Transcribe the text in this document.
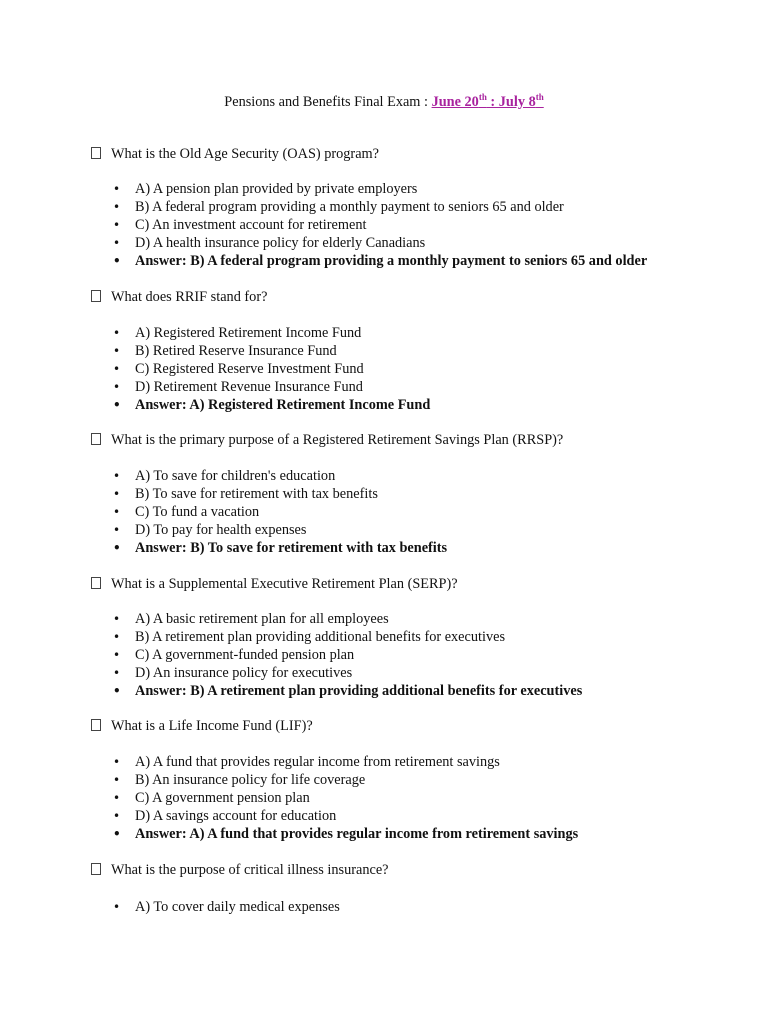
Pensions and Benefits Final Exam : June 20th : July 8th
What is the Old Age Security (OAS) program?
• A) A pension plan provided by private employers
• B) A federal program providing a monthly payment to seniors 65 and older
• C) An investment account for retirement
• D) A health insurance policy for elderly Canadians
• Answer: B) A federal program providing a monthly payment to seniors 65 and older
What does RRIF stand for?
• A) Registered Retirement Income Fund
• B) Retired Reserve Insurance Fund
• C) Registered Reserve Investment Fund
• D) Retirement Revenue Insurance Fund
• Answer: A) Registered Retirement Income Fund
What is the primary purpose of a Registered Retirement Savings Plan (RRSP)?
• A) To save for children's education
• B) To save for retirement with tax benefits
• C) To fund a vacation
• D) To pay for health expenses
• Answer: B) To save for retirement with tax benefits
What is a Supplemental Executive Retirement Plan (SERP)?
• A) A basic retirement plan for all employees
• B) A retirement plan providing additional benefits for executives
• C) A government-funded pension plan
• D) An insurance policy for executives
• Answer: B) A retirement plan providing additional benefits for executives
What is a Life Income Fund (LIF)?
• A) A fund that provides regular income from retirement savings
• B) An insurance policy for life coverage
• C) A government pension plan
• D) A savings account for education
• Answer: A) A fund that provides regular income from retirement savings
What is the purpose of critical illness insurance?
• A) To cover daily medical expenses
